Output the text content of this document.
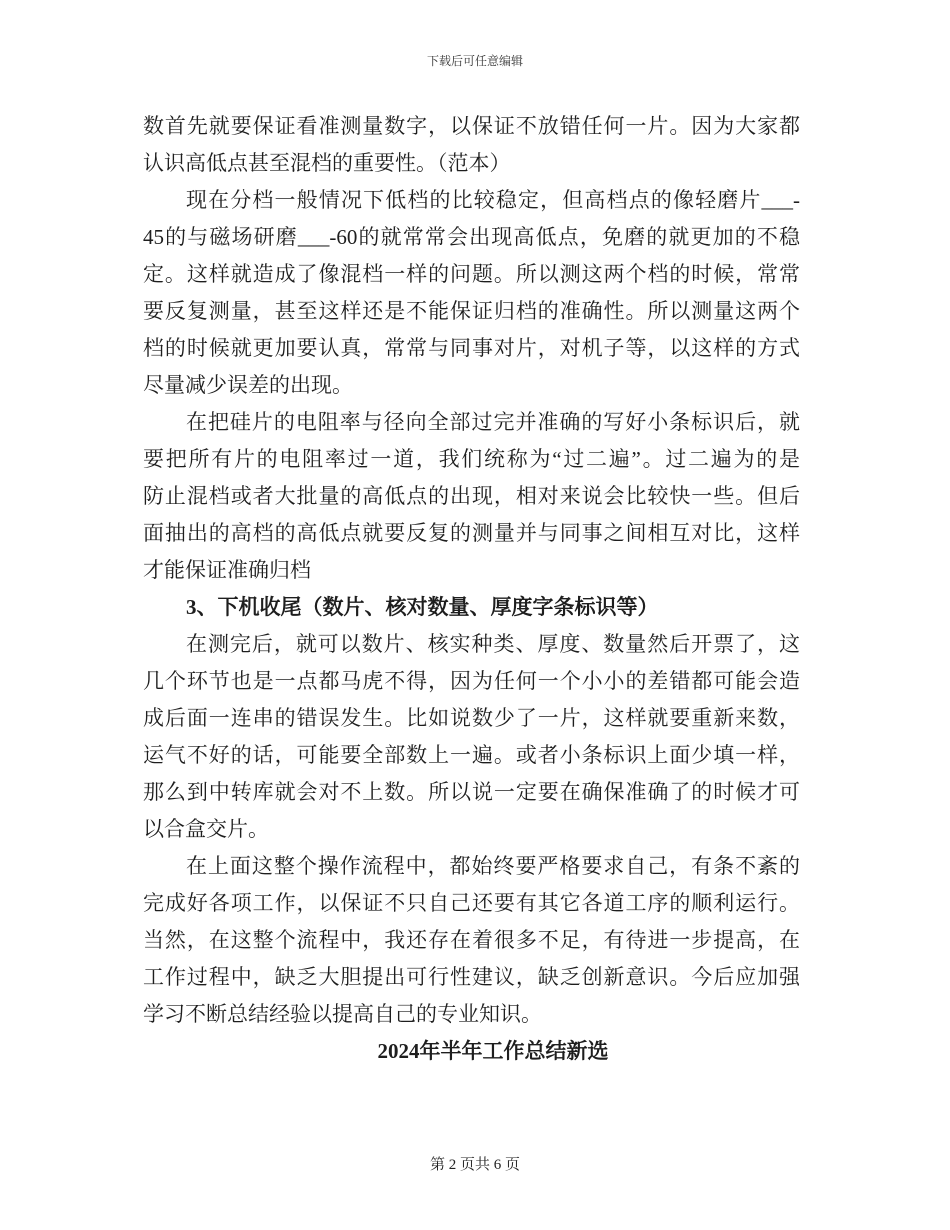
下载后可任意编辑
数首先就要保证看准测量数字，以保证不放错任何一片。因为大家都
认识高低点甚至混档的重要性。（范本）
现在分档一般情况下低档的比较稳定，但高档点的像轻磨片___-
45的与磁场研磨___-60的就常常会出现高低点，免磨的就更加的不稳
定。这样就造成了像混档一样的问题。所以测这两个档的时候，常常
要反复测量，甚至这样还是不能保证归档的准确性。所以测量这两个
档的时候就更加要认真，常常与同事对片，对机子等，以这样的方式
尽量减少误差的出现。
在把硅片的电阻率与径向全部过完并准确的写好小条标识后，就
要把所有片的电阻率过一道，我们统称为“过二遍”。过二遍为的是
防止混档或者大批量的高低点的出现，相对来说会比较快一些。但后
面抽出的高档的高低点就要反复的测量并与同事之间相互对比，这样
才能保证准确归档
3、下机收尾（数片、核对数量、厚度字条标识等）
在测完后，就可以数片、核实种类、厚度、数量然后开票了，这
几个环节也是一点都马虎不得，因为任何一个小小的差错都可能会造
成后面一连串的错误发生。比如说数少了一片，这样就要重新来数，
运气不好的话，可能要全部数上一遍。或者小条标识上面少填一样，
那么到中转库就会对不上数。所以说一定要在确保准确了的时候才可
以合盒交片。
在上面这整个操作流程中，都始终要严格要求自己，有条不紊的
完成好各项工作，以保证不只自己还要有其它各道工序的顺利运行。
当然，在这整个流程中，我还存在着很多不足，有待进一步提高，在
工作过程中，缺乏大胆提出可行性建议，缺乏创新意识。今后应加强
学习不断总结经验以提高自己的专业知识。
2024年半年工作总结新选
第 2 页共 6 页
